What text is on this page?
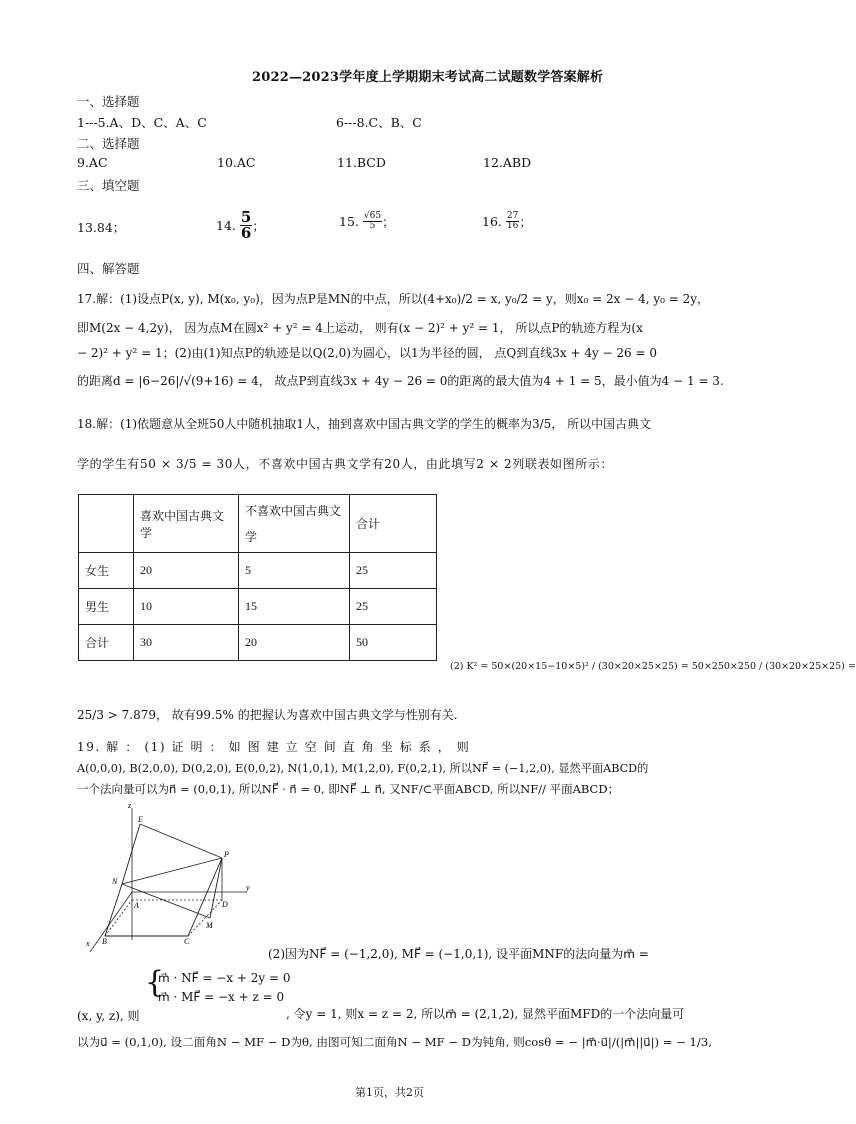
2022—2023学年度上学期期末考试高二试题数学答案解析
一、选择题
1---5.A、D、C、A、C	6---8.C、B、C
二、选择题
9.AC	10.AC	11.BCD	12.ABD
三、填空题
13.84；	14. $\frac{5}{6}$ ；	15. $\frac{√65}{5}$ ；	16. $\frac{27}{16}$ ；
四、解答题
17.解：(1)设点P(x, y), M(x₀, y₀)，因为点P是MN的中点，所以(4+x₀)/2 = x, y₀/2 = y，则x₀ = 2x − 4, y₀ = 2y，
即M(2x − 4,2y)， 因为点M在圆x² + y² = 4上运动， 则有(x − 2)² + y² = 1， 所以点P的轨迹方程为(x
− 2)² + y² = 1；(2)由(1)知点P的轨迹是以Q(2,0)为圆心，以1为半径的圆， 点Q到直线3x + 4y − 26 = 0
的距离d = |6−26|/√(9+16) = 4， 故点P到直线3x + 4y − 26 = 0的距离的最大值为4 + 1 = 5，最小值为4 − 1 = 3.
18.解：(1)依题意从全班50人中随机抽取1人，抽到喜欢中国古典文学的学生的概率为3/5， 所以中国古典文
学的学生有50 × 3/5 = 30人，不喜欢中国古典文学有20人，由此填写2 × 2列联表如图所示：
	喜欢中国古典文学	不喜欢中国古典文学	合计
女生	20	5	25
男生	10	15	25
合计	30	20	50
(2) K² = 50×(20×15−10×5)² / (30×20×25×25) = 50×250×250 / (30×20×25×25) =
25/3 > 7.879， 故有99.5% 的把握认为喜欢中国古典文学与性别有关.
19. 解 ： (1) 证 明 ： 如 图 建 立 空 间 直 角 坐 标 系 ， 则
A(0,0,0), B(2,0,0), D(0,2,0), E(0,0,2), N(1,0,1), M(1,2,0), F(0,2,1), 所以NF⃗ = (−1,2,0), 显然平面ABCD的
一个法向量可以为n⃗ = (0,0,1), 所以NF⃗ · n⃗ = 0, 即NF⃗ ⊥ n⃗, 又NF/⊂平面ABCD, 所以NF// 平面ABCD；
z
y
x
E
P
N
A	D
M
B	C
(2)因为NF⃗ = (−1,2,0), MF⃗ = (−1,0,1), 设平面MNF的法向量为m⃗ =
{
m⃗ · NF⃗ = −x + 2y = 0
m⃗ · MF⃗ = −x + z = 0
(x, y, z), 则	, 令y = 1, 则x = z = 2, 所以m⃗ = (2,1,2), 显然平面MFD的一个法向量可
以为u⃗ = (0,1,0), 设二面角N − MF − D为θ, 由图可知二面角N − MF − D为钝角, 则cosθ = − |m⃗·u⃗|/(|m⃗||u⃗|) = − 1/3,
第1页，共2页
